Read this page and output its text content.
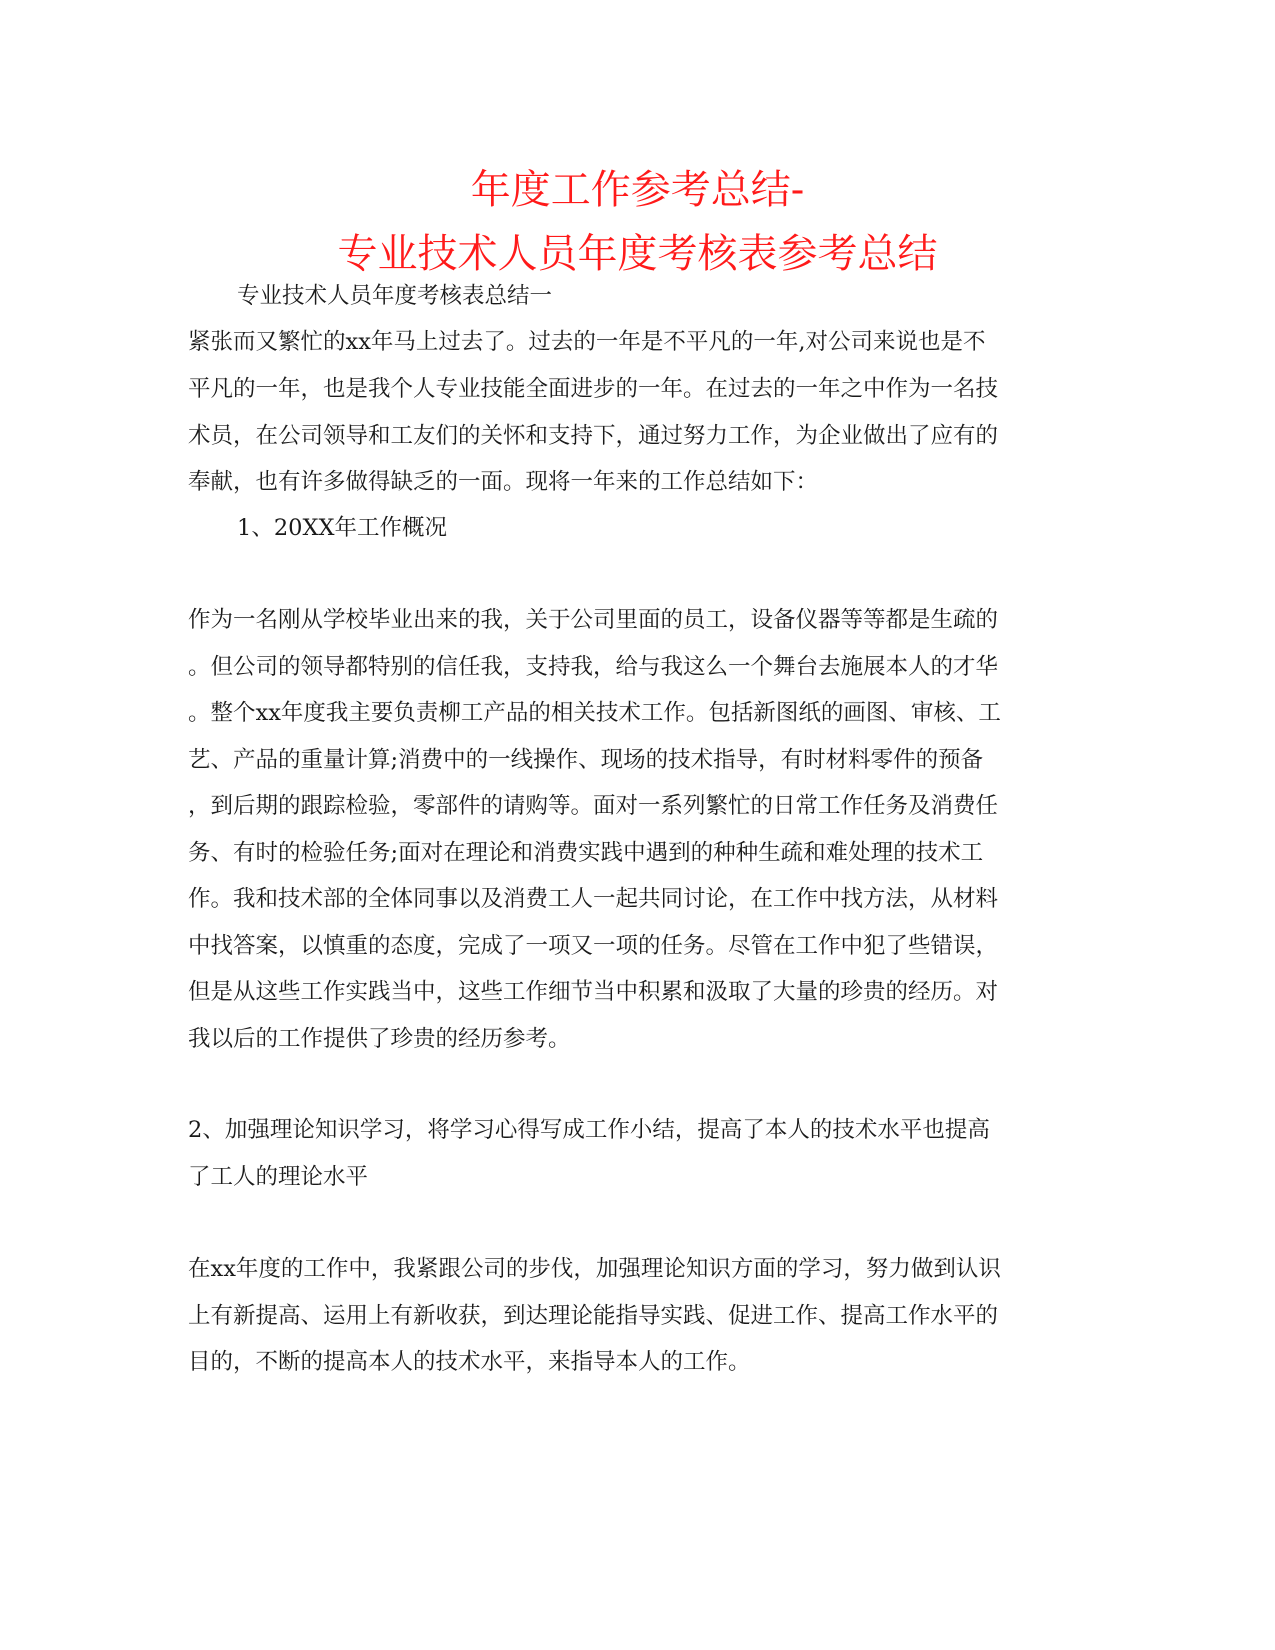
年度工作参考总结-
专业技术人员年度考核表参考总结
专业技术人员年度考核表总结一
紧张而又繁忙的xx年马上过去了。过去的一年是不平凡的一年,对公司来说也是不
平凡的一年，也是我个人专业技能全面进步的一年。在过去的一年之中作为一名技
术员，在公司领导和工友们的关怀和支持下，通过努力工作，为企业做出了应有的
奉献，也有许多做得缺乏的一面。现将一年来的工作总结如下：
1、20XX年工作概况
作为一名刚从学校毕业出来的我，关于公司里面的员工，设备仪器等等都是生疏的
。但公司的领导都特别的信任我，支持我，给与我这么一个舞台去施展本人的才华
。整个xx年度我主要负责柳工产品的相关技术工作。包括新图纸的画图、审核、工
艺、产品的重量计算;消费中的一线操作、现场的技术指导，有时材料零件的预备
，到后期的跟踪检验，零部件的请购等。面对一系列繁忙的日常工作任务及消费任
务、有时的检验任务;面对在理论和消费实践中遇到的种种生疏和难处理的技术工
作。我和技术部的全体同事以及消费工人一起共同讨论，在工作中找方法，从材料
中找答案，以慎重的态度，完成了一项又一项的任务。尽管在工作中犯了些错误，
但是从这些工作实践当中，这些工作细节当中积累和汲取了大量的珍贵的经历。对
我以后的工作提供了珍贵的经历参考。
2、加强理论知识学习，将学习心得写成工作小结，提高了本人的技术水平也提高
了工人的理论水平
在xx年度的工作中，我紧跟公司的步伐，加强理论知识方面的学习，努力做到认识
上有新提高、运用上有新收获，到达理论能指导实践、促进工作、提高工作水平的
目的，不断的提高本人的技术水平，来指导本人的工作。
